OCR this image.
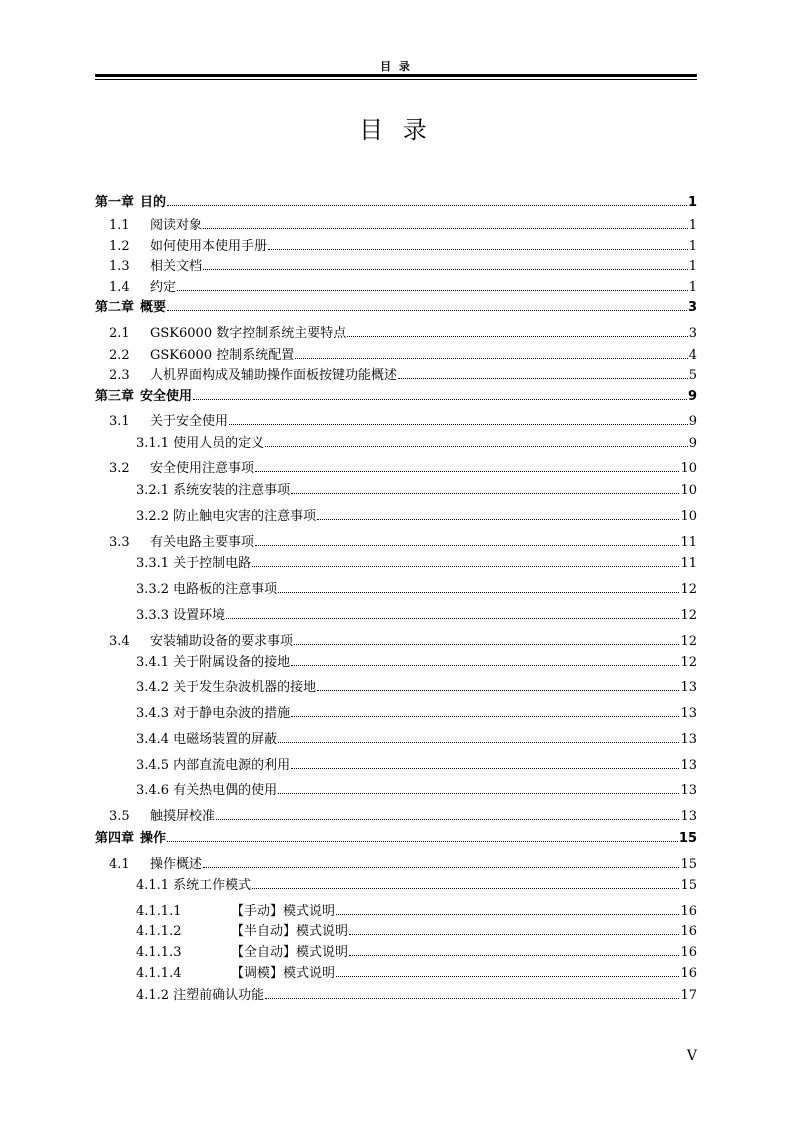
目 录
目 录
第一章 目的	1
1.1	阅读对象	1
1.2	如何使用本使用手册	1
1.3	相关文档	1
1.4	约定	1
第二章 概要	3
2.1	GSK6000 数字控制系统主要特点	3
2.2	GSK6000 控制系统配置	4
2.3	人机界面构成及辅助操作面板按键功能概述	5
第三章 安全使用	9
3.1	关于安全使用	9
3.1.1 使用人员的定义	9
3.2	安全使用注意事项	10
3.2.1 系统安装的注意事项	10
3.2.2 防止触电灾害的注意事项	10
3.3	有关电路主要事项	11
3.3.1 关于控制电路	11
3.3.2 电路板的注意事项	12
3.3.3 设置环境	12
3.4	安装辅助设备的要求事项	12
3.4.1 关于附属设备的接地	12
3.4.2 关于发生杂波机器的接地	13
3.4.3 对于静电杂波的措施	13
3.4.4 电磁场装置的屏蔽	13
3.4.5 内部直流电源的利用	13
3.4.6 有关热电偶的使用	13
3.5	触摸屏校准	13
第四章 操作	15
4.1	操作概述	15
4.1.1 系统工作模式	15
4.1.1.1	【手动】模式说明	16
4.1.1.2	【半自动】模式说明	16
4.1.1.3	【全自动】模式说明	16
4.1.1.4	【调模】模式说明	16
4.1.2 注塑前确认功能	17
V
